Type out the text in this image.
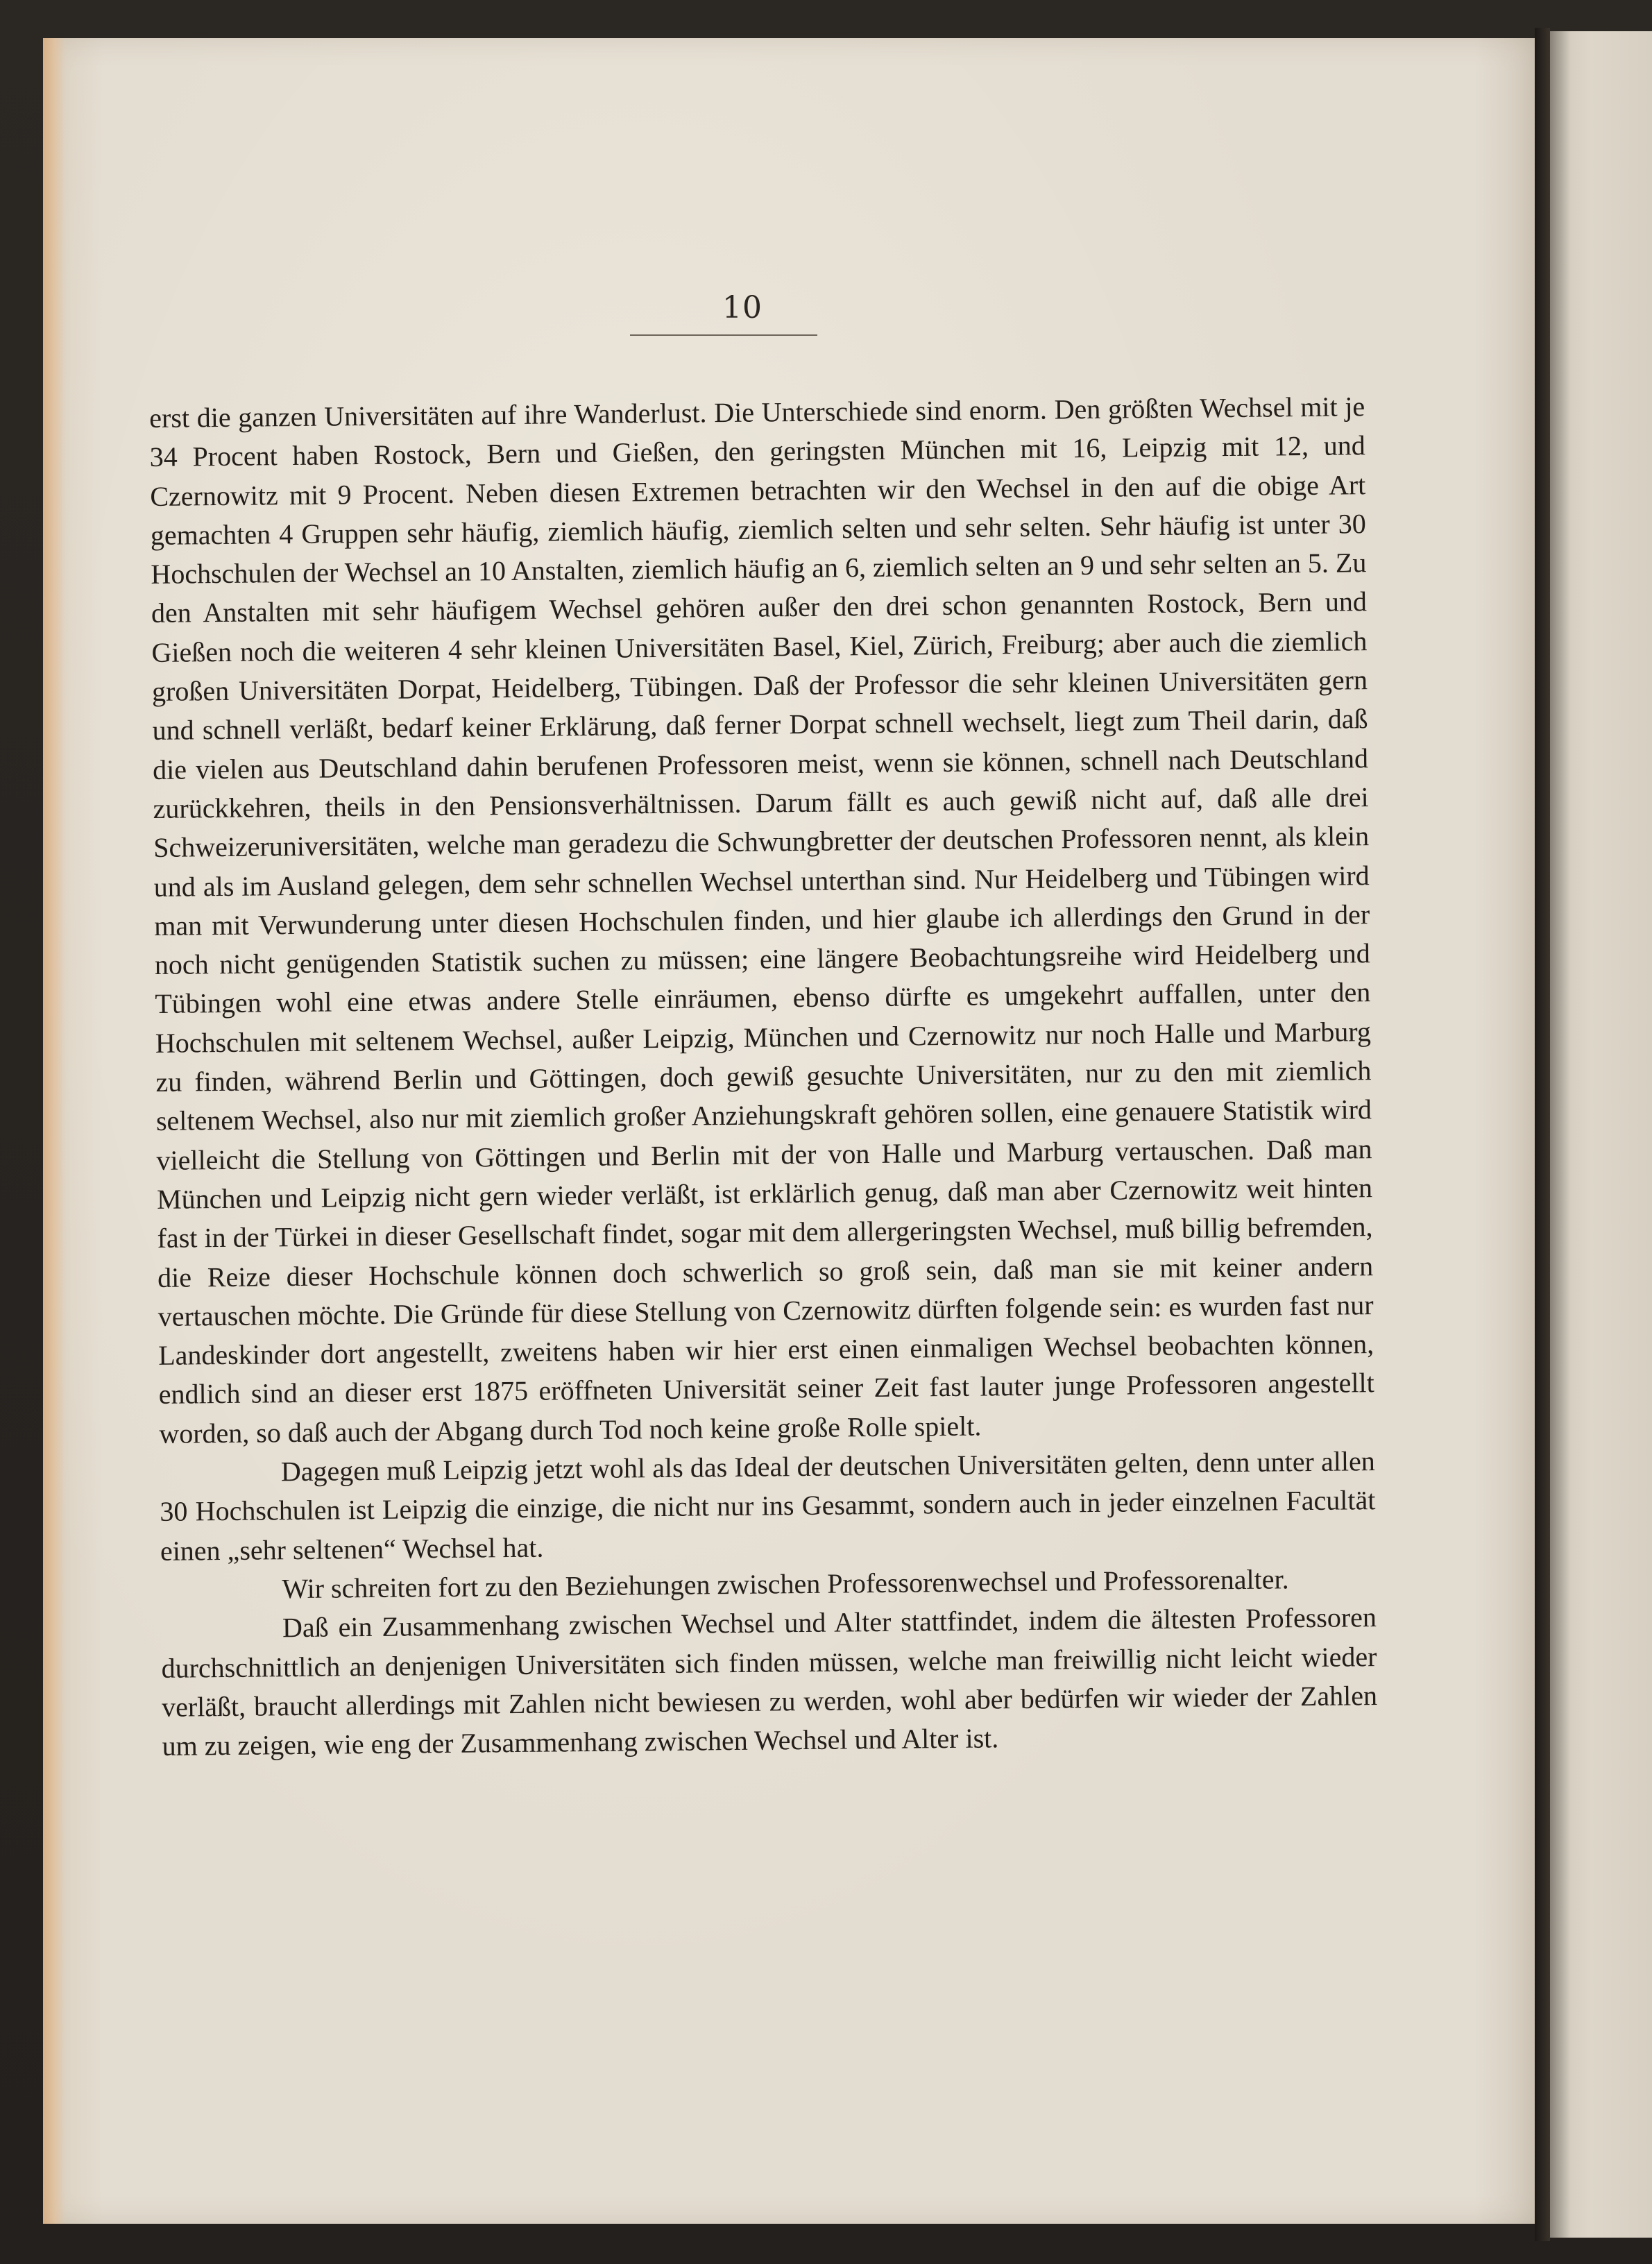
10

erst die ganzen Universitäten auf ihre Wanderlust. Die Unterschiede sind enorm. Den größten Wechsel mit je 34 Procent haben Rostock, Bern und Gießen, den geringsten München mit 16, Leipzig mit 12, und Czernowitz mit 9 Procent. Neben diesen Extremen betrachten wir den Wechsel in den auf die obige Art gemachten 4 Gruppen sehr häufig, ziemlich häufig, ziemlich selten und sehr selten. Sehr häufig ist unter 30 Hochschulen der Wechsel an 10 Anstalten, ziemlich häufig an 6, ziemlich selten an 9 und sehr selten an 5. Zu den Anstalten mit sehr häufigem Wechsel gehören außer den drei schon genannten Rostock, Bern und Gießen noch die weiteren 4 sehr kleinen Universitäten Basel, Kiel, Zürich, Freiburg; aber auch die ziemlich großen Universitäten Dorpat, Heidelberg, Tübingen. Daß der Professor die sehr kleinen Universitäten gern und schnell verläßt, bedarf keiner Erklärung, daß ferner Dorpat schnell wechselt, liegt zum Theil darin, daß die vielen aus Deutschland dahin berufenen Professoren meist, wenn sie können, schnell nach Deutschland zurückkehren, theils in den Pensionsverhältnissen. Darum fällt es auch gewiß nicht auf, daß alle drei Schweizeruniversitäten, welche man geradezu die Schwungbretter der deutschen Professoren nennt, als klein und als im Ausland gelegen, dem sehr schnellen Wechsel unterthan sind. Nur Heidelberg und Tübingen wird man mit Verwunderung unter diesen Hochschulen finden, und hier glaube ich allerdings den Grund in der noch nicht genügenden Statistik suchen zu müssen; eine längere Beobachtungsreihe wird Heidelberg und Tübingen wohl eine etwas andere Stelle einräumen, ebenso dürfte es umgekehrt auffallen, unter den Hochschulen mit seltenem Wechsel, außer Leipzig, München und Czernowitz nur noch Halle und Marburg zu finden, während Berlin und Göttingen, doch gewiß gesuchte Universitäten, nur zu den mit ziemlich seltenem Wechsel, also nur mit ziemlich großer Anziehungskraft gehören sollen, eine genauere Statistik wird vielleicht die Stellung von Göttingen und Berlin mit der von Halle und Marburg vertauschen. Daß man München und Leipzig nicht gern wieder verläßt, ist erklärlich genug, daß man aber Czernowitz weit hinten fast in der Türkei in dieser Gesellschaft findet, sogar mit dem allergeringsten Wechsel, muß billig befremden, die Reize dieser Hochschule können doch schwerlich so groß sein, daß man sie mit keiner andern vertauschen möchte. Die Gründe für diese Stellung von Czernowitz dürften folgende sein: es wurden fast nur Landeskinder dort angestellt, zweitens haben wir hier erst einen einmaligen Wechsel beobachten können, endlich sind an dieser erst 1875 eröffneten Universität seiner Zeit fast lauter junge Professoren angestellt worden, so daß auch der Abgang durch Tod noch keine große Rolle spielt.

Dagegen muß Leipzig jetzt wohl als das Ideal der deutschen Universitäten gelten, denn unter allen 30 Hochschulen ist Leipzig die einzige, die nicht nur ins Gesammt, sondern auch in jeder einzelnen Facultät einen „sehr seltenen“ Wechsel hat.

Wir schreiten fort zu den Beziehungen zwischen Professorenwechsel und Professorenalter.

Daß ein Zusammenhang zwischen Wechsel und Alter stattfindet, indem die ältesten Professoren durchschnittlich an denjenigen Universitäten sich finden müssen, welche man freiwillig nicht leicht wieder verläßt, braucht allerdings mit Zahlen nicht bewiesen zu werden, wohl aber bedürfen wir wieder der Zahlen um zu zeigen, wie eng der Zusammenhang zwischen Wechsel und Alter ist.
